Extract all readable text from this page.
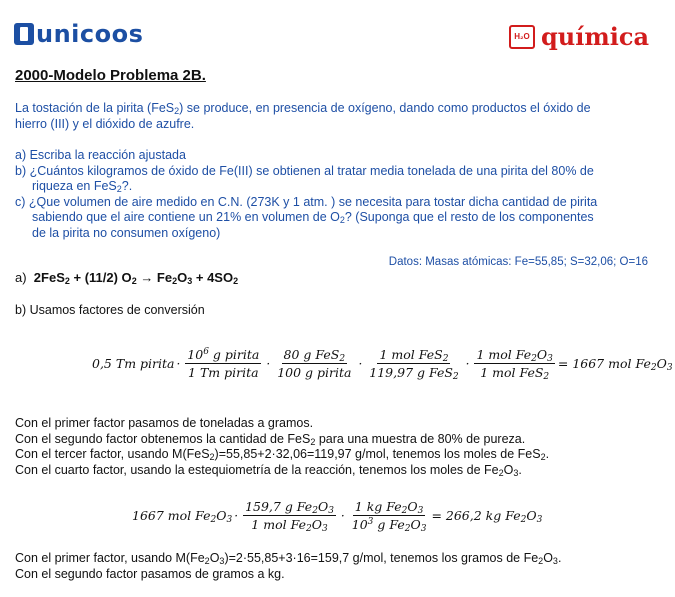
unicoos	H₂O química
2000-Modelo Problema 2B.
La tostación de la pirita (FeS$_2$) se produce, en presencia de oxígeno, dando como productos el óxido de
hierro (III) y el dióxido de azufre.
a) Escriba la reacción ajustada
b) ¿Cuántos kilogramos de óxido de Fe(III) se obtienen al tratar media tonelada de una pirita del 80% de
riqueza en FeS$_2$?.
c) ¿Que volumen de aire medido en C.N. (273K y 1 atm. ) se necesita para tostar dicha cantidad de pirita
sabiendo que el aire contiene un 21% en volumen de $O_2$? (Suponga que el resto de los componentes
de la pirita no consumen oxígeno)
Datos: Masas atómicas: Fe=55,85; S=32,06; O=16
a) 2FeS$_2$ + (11/2) $O_2 \to Fe_2O_3 + 4SO_2$
b) Usamos factores de conversión
0,5 Tm pirita · $\frac{10^6 g pirita}{\text{1 Tm pirita}} \cdot \frac{80 g FeS_2}{\text{100 g pirita}} \cdot \frac{1 mol FeS_2}{119,97 g FeS_2} \cdot \frac{1 mol Fe_2O_3}{1 mol FeS_2} = 1667$ mol $Fe_2O_3$
Con el primer factor pasamos de toneladas a gramos.
Con el segundo factor obtenemos la cantidad de FeS$_2$ para una muestra de 80% de pureza.
Con el tercer factor, usando M(FeS$_2$)=55,85+2·32,06=119,97 g/mol, tenemos los moles de FeS$_2$.
Con el cuarto factor, usando la estequiometría de la reacción, tenemos los moles de $Fe_2O_3$.
1667 mol $Fe_2O_3 \cdot \frac{159,7 g Fe_2O_3}{1 mol Fe_2O_3} \cdot \frac{1 kg Fe_2O_3}{10^3 g Fe_2O_3} = 266,2$ kg $Fe_2O_3$
Con el primer factor, usando $M(Fe_2O_3)=2\cdot 55,85+3\cdot 16=159,7$ g/mol, tenemos los gramos de $Fe_2O_3$.
Con el segundo factor pasamos de gramos a kg.
